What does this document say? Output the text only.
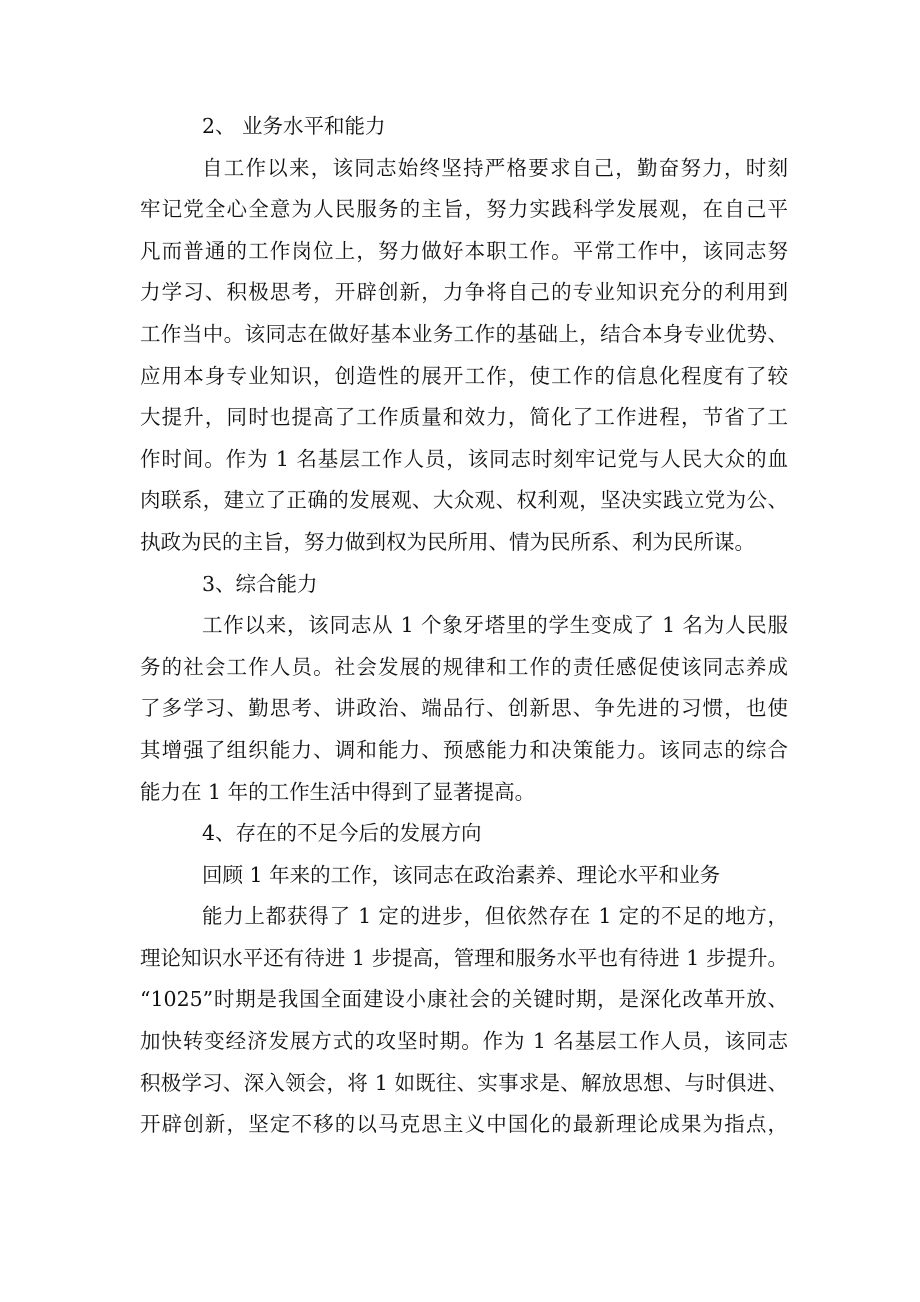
2、 业务水平和能力
自工作以来，该同志始终坚持严格要求自己，勤奋努力，时刻
牢记党全心全意为人民服务的主旨，努力实践科学发展观，在自己平
凡而普通的工作岗位上，努力做好本职工作。平常工作中，该同志努
力学习、积极思考，开辟创新，力争将自己的专业知识充分的利用到
工作当中。该同志在做好基本业务工作的基础上，结合本身专业优势、
应用本身专业知识，创造性的展开工作，使工作的信息化程度有了较
大提升，同时也提高了工作质量和效力，简化了工作进程，节省了工
作时间。作为 1 名基层工作人员，该同志时刻牢记党与人民大众的血
肉联系，建立了正确的发展观、大众观、权利观，坚决实践立党为公、
执政为民的主旨，努力做到权为民所用、情为民所系、利为民所谋。
3、综合能力
工作以来，该同志从 1 个象牙塔里的学生变成了 1 名为人民服
务的社会工作人员。社会发展的规律和工作的责任感促使该同志养成
了多学习、勤思考、讲政治、端品行、创新思、争先进的习惯，也使
其增强了组织能力、调和能力、预感能力和决策能力。该同志的综合
能力在 1 年的工作生活中得到了显著提高。
4、存在的不足今后的发展方向
回顾 1 年来的工作，该同志在政治素养、理论水平和业务
能力上都获得了 1 定的进步，但依然存在 1 定的不足的地方，
理论知识水平还有待进 1 步提高，管理和服务水平也有待进 1 步提升。
“1025”时期是我国全面建设小康社会的关键时期，是深化改革开放、
加快转变经济发展方式的攻坚时期。作为 1 名基层工作人员，该同志
积极学习、深入领会，将 1 如既往、实事求是、解放思想、与时俱进、
开辟创新，坚定不移的以马克思主义中国化的最新理论成果为指点，
